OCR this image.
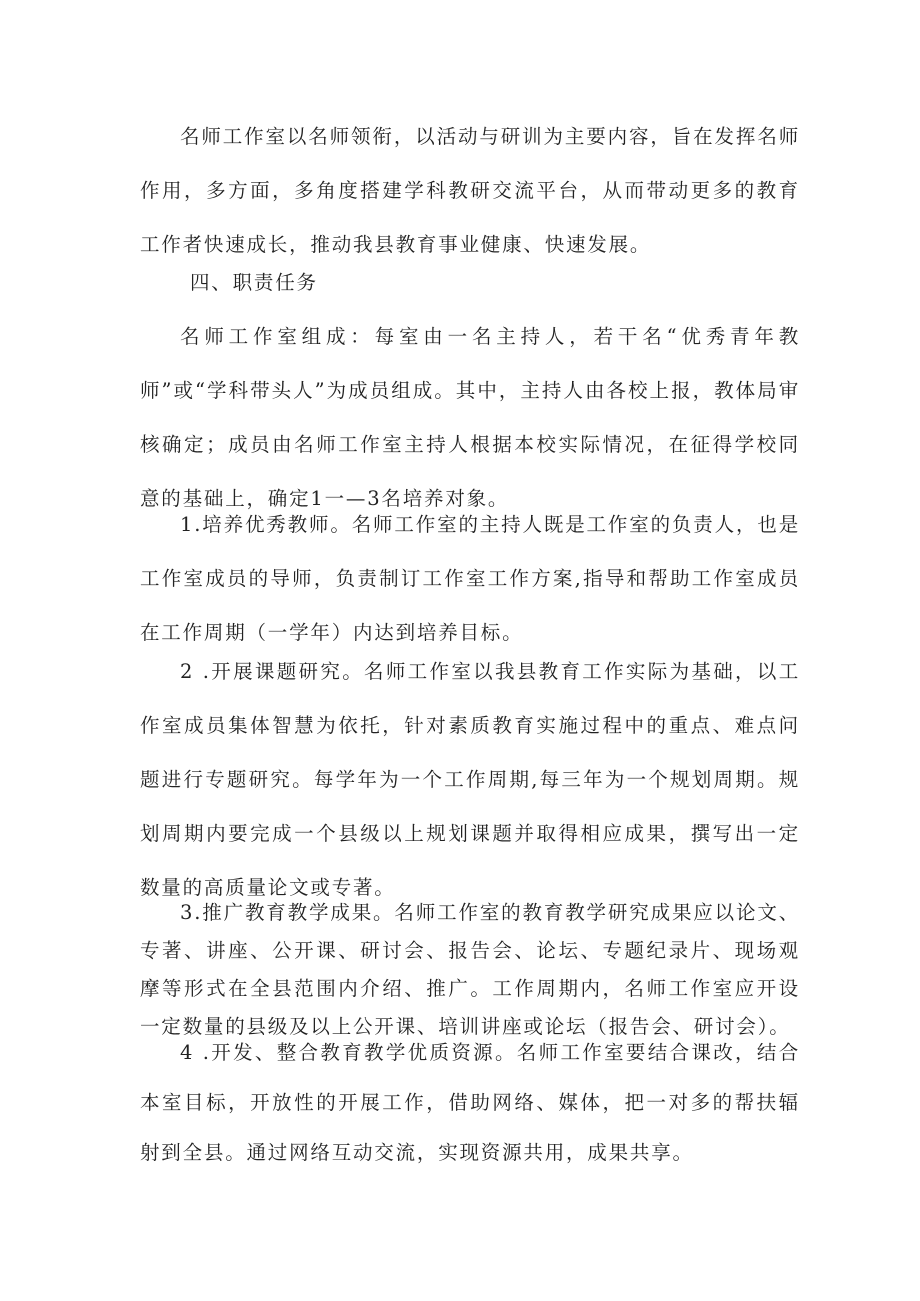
名师工作室以名师领衔，以活动与研训为主要内容，旨在发挥名师作用，多方面，多角度搭建学科教研交流平台，从而带动更多的教育工作者快速成长，推动我县教育事业健康、快速发展。

四、职责任务

名师工作室组成：每室由一名主持人，若干名“优秀青年教师”或“学科带头人”为成员组成。其中，主持人由各校上报，教体局审核确定；成员由名师工作室主持人根据本校实际情况，在征得学校同意的基础上，确定1一—3名培养对象。

1.培养优秀教师。名师工作室的主持人既是工作室的负责人，也是工作室成员的导师，负责制订工作室工作方案,指导和帮助工作室成员在工作周期（一学年）内达到培养目标。

2 .开展课题研究。名师工作室以我县教育工作实际为基础，以工作室成员集体智慧为依托，针对素质教育实施过程中的重点、难点问题进行专题研究。每学年为一个工作周期,每三年为一个规划周期。规划周期内要完成一个县级以上规划课题并取得相应成果，撰写出一定数量的高质量论文或专著。

3.推广教育教学成果。名师工作室的教育教学研究成果应以论文、专著、讲座、公开课、研讨会、报告会、论坛、专题纪录片、现场观摩等形式在全县范围内介绍、推广。工作周期内，名师工作室应开设一定数量的县级及以上公开课、培训讲座或论坛（报告会、研讨会）。

4 .开发、整合教育教学优质资源。名师工作室要结合课改，结合本室目标，开放性的开展工作，借助网络、媒体，把一对多的帮扶辐射到全县。通过网络互动交流，实现资源共用，成果共享。
